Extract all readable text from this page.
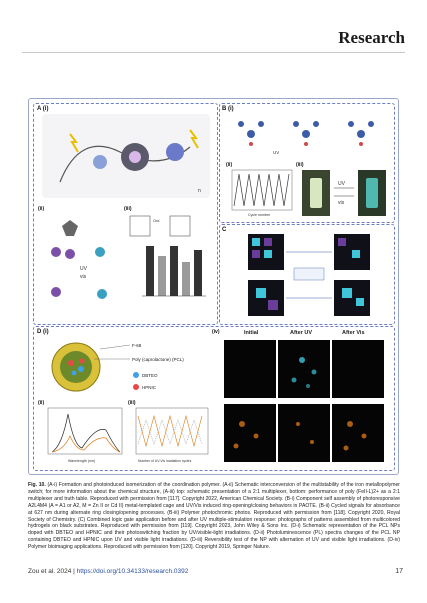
Research
A (i)
n
(ii)	(iii)
UV
vis
Out
B (i)
UV
(ii)	(iii)
Cycle number
UV
vis
C
D (i)
F-68
Poly (caprolactone) (PCL)
DBTEO
HPNIC
(ii)	(iii)
Wavelength (nm)	Number of UV-Vis irradiation cycles
(iv)	Initial	After UV	After Vis
Fig. 10. (A-i) Formation and photoinduced isomerization of the coordination polymer. (A-ii) Schematic interconversion of the multistability of the iron metallopolymer switch; for more information about the chemical structure, (A-iii) top: schematic presentation of a 2:1 multiplexer, bottom: performance of poly (FeII-L)2+ as a 2:1 multiplexer and truth table. Reproduced with permission from [117]. Copyright 2022, American Chemical Society. (B-i) Component self assembly of photoresponsive A2L4M4 (A = A1 or A2, M = Zn II or Cd II) metal-templated cage and UV/Vis induced ring-opening/closing behaviors in PAOTE. (B-ii) Cycled signals for absorbance at 627 nm during alternate ring closing/opening processes. (B-iii) Polymer photochromic photos. Reproduced with permission from [118]. Copyright 2020, Royal Society of Chemistry. (C) Combined logic gate application before and after UV multiple-stimulation response: photographs of patterns assembled from multicolored hydrogels on black substrates. Reproduced with permission from [119]. Copyright 2023, John Wiley & Sons Inc. (D-i) Schematic representation of the PCL NPs doped with DBTEO and HPNIC and their photoswitching fraction by UV/visible-light irradiations. (D-ii) Photoluminescence (PL) spectra changes of the PCL NP containing DBTEO and HPNIC upon UV and visible light irradiations. (D-iii) Reversibility test of the NP with alternation of UV and visible light irradiations. (D-iv) Polymer bioimaging applications. Reproduced with permission from [120]. Copyright 2019, Springer Nature.
Zou et al. 2024 | https://doi.org/10.34133/research.0392	17
